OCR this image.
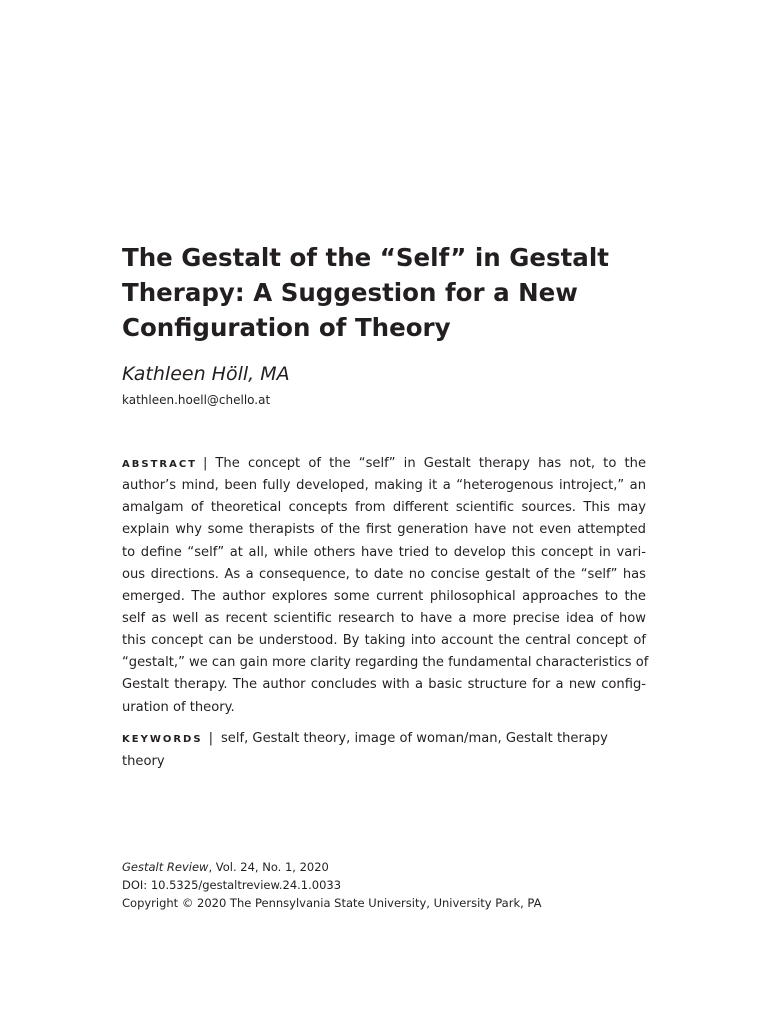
The Gestalt of the “Self” in Gestalt
Therapy: A Suggestion for a New
Configuration of Theory

Kathleen Höll, MA

kathleen.hoell@chello.at
ABSTRACT | The concept of the “self” in Gestalt therapy has not, to the
author’s mind, been fully developed, making it a “heterogenous introject,” an
amalgam of theoretical concepts from different scientific sources. This may
explain why some therapists of the first generation have not even attempted
to define “self” at all, while others have tried to develop this concept in vari-
ous directions. As a consequence, to date no concise gestalt of the “self” has
emerged. The author explores some current philosophical approaches to the
self as well as recent scientific research to have a more precise idea of how
this concept can be understood. By taking into account the central concept of
“gestalt,” we can gain more clarity regarding the fundamental characteristics of
Gestalt therapy. The author concludes with a basic structure for a new config-
uration of theory.
KEYWORDS | self, Gestalt theory, image of woman/man, Gestalt therapy
theory
Gestalt Review, Vol. 24, No. 1, 2020
DOI: 10.5325/gestaltreview.24.1.0033
Copyright © 2020 The Pennsylvania State University, University Park, PA
